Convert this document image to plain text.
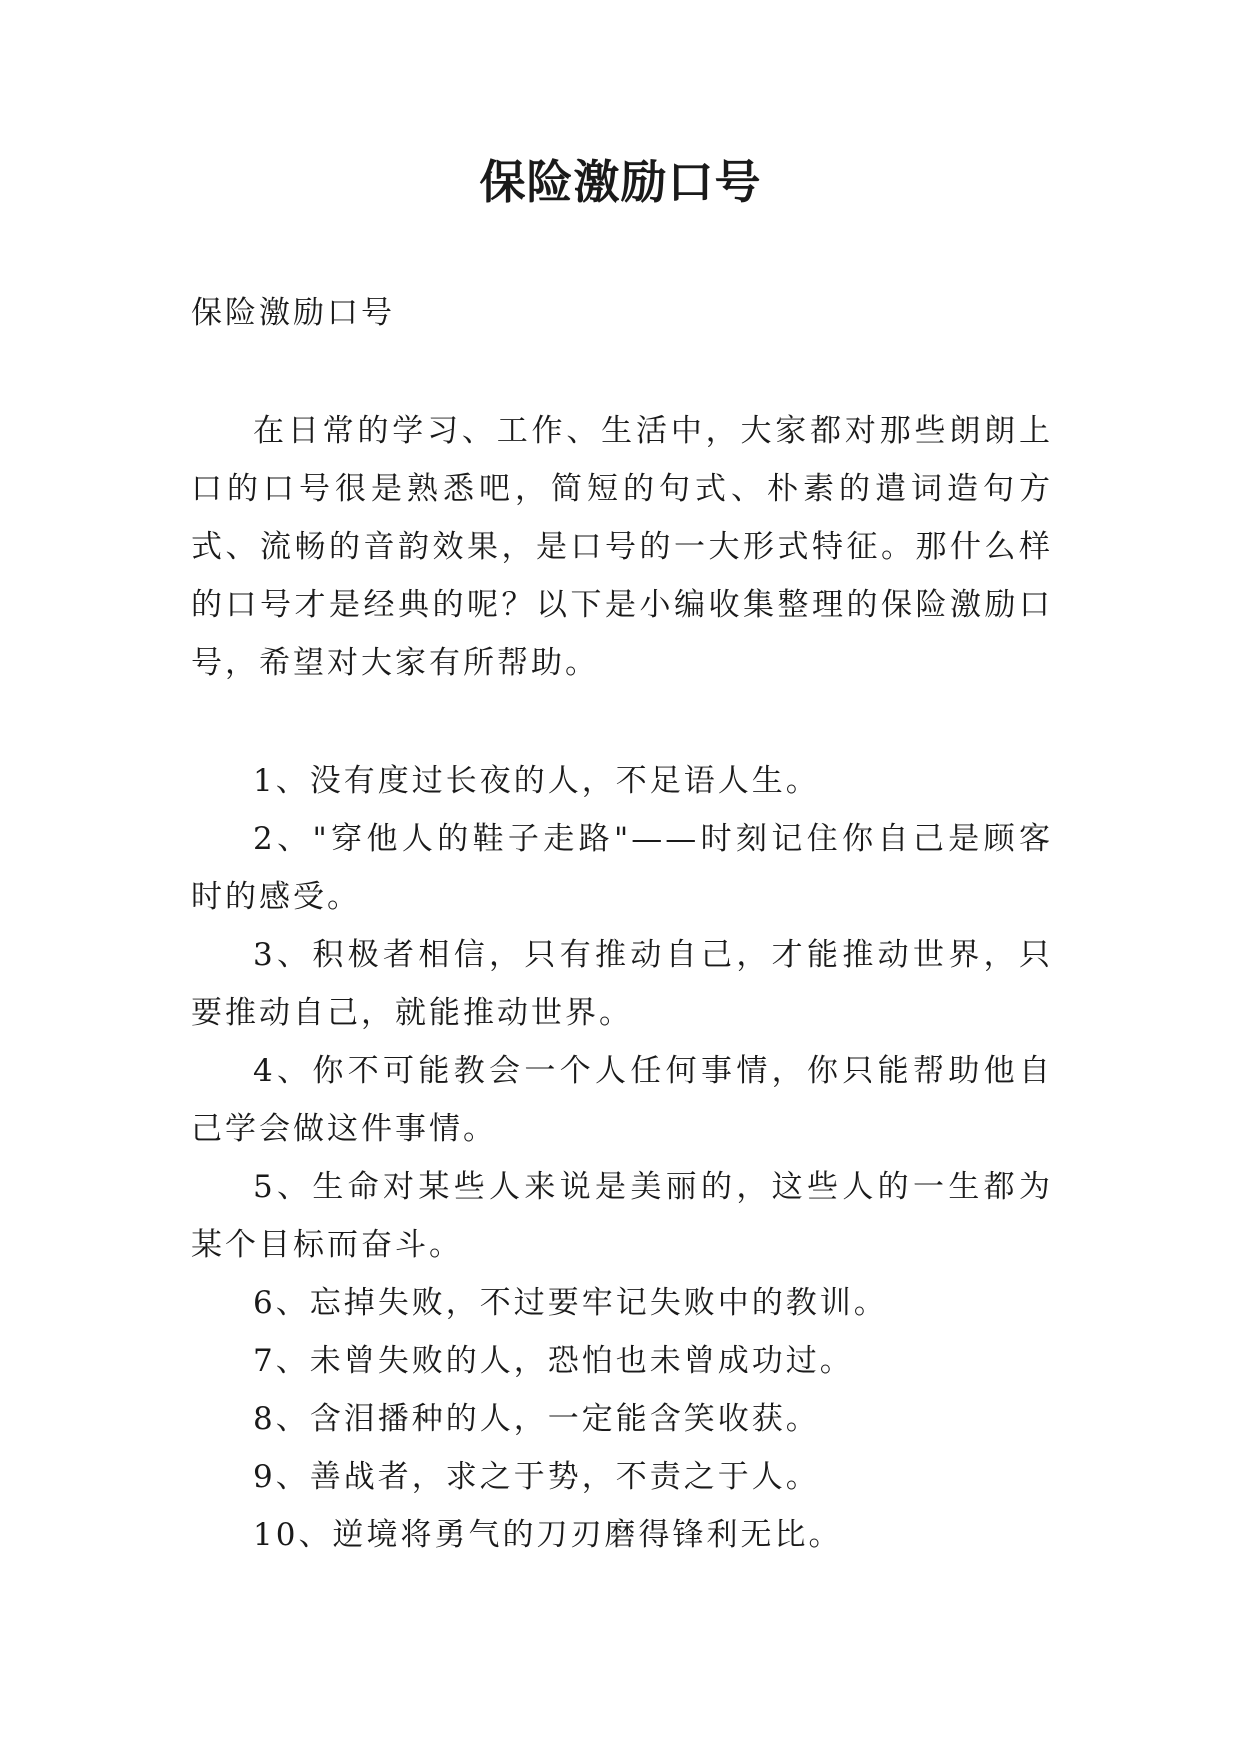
保险激励口号

保险激励口号

在日常的学习、工作、生活中，大家都对那些朗朗上口的口号很是熟悉吧，简短的句式、朴素的遣词造句方式、流畅的音韵效果，是口号的一大形式特征。那什么样的口号才是经典的呢？以下是小编收集整理的保险激励口号，希望对大家有所帮助。

1、没有度过长夜的人，不足语人生。

2、"穿他人的鞋子走路"——时刻记住你自己是顾客时的感受。

3、积极者相信，只有推动自己，才能推动世界，只要推动自己，就能推动世界。

4、你不可能教会一个人任何事情，你只能帮助他自己学会做这件事情。

5、生命对某些人来说是美丽的，这些人的一生都为某个目标而奋斗。

6、忘掉失败，不过要牢记失败中的教训。

7、未曾失败的人，恐怕也未曾成功过。

8、含泪播种的人，一定能含笑收获。

9、善战者，求之于势，不责之于人。

10、逆境将勇气的刀刃磨得锋利无比。
